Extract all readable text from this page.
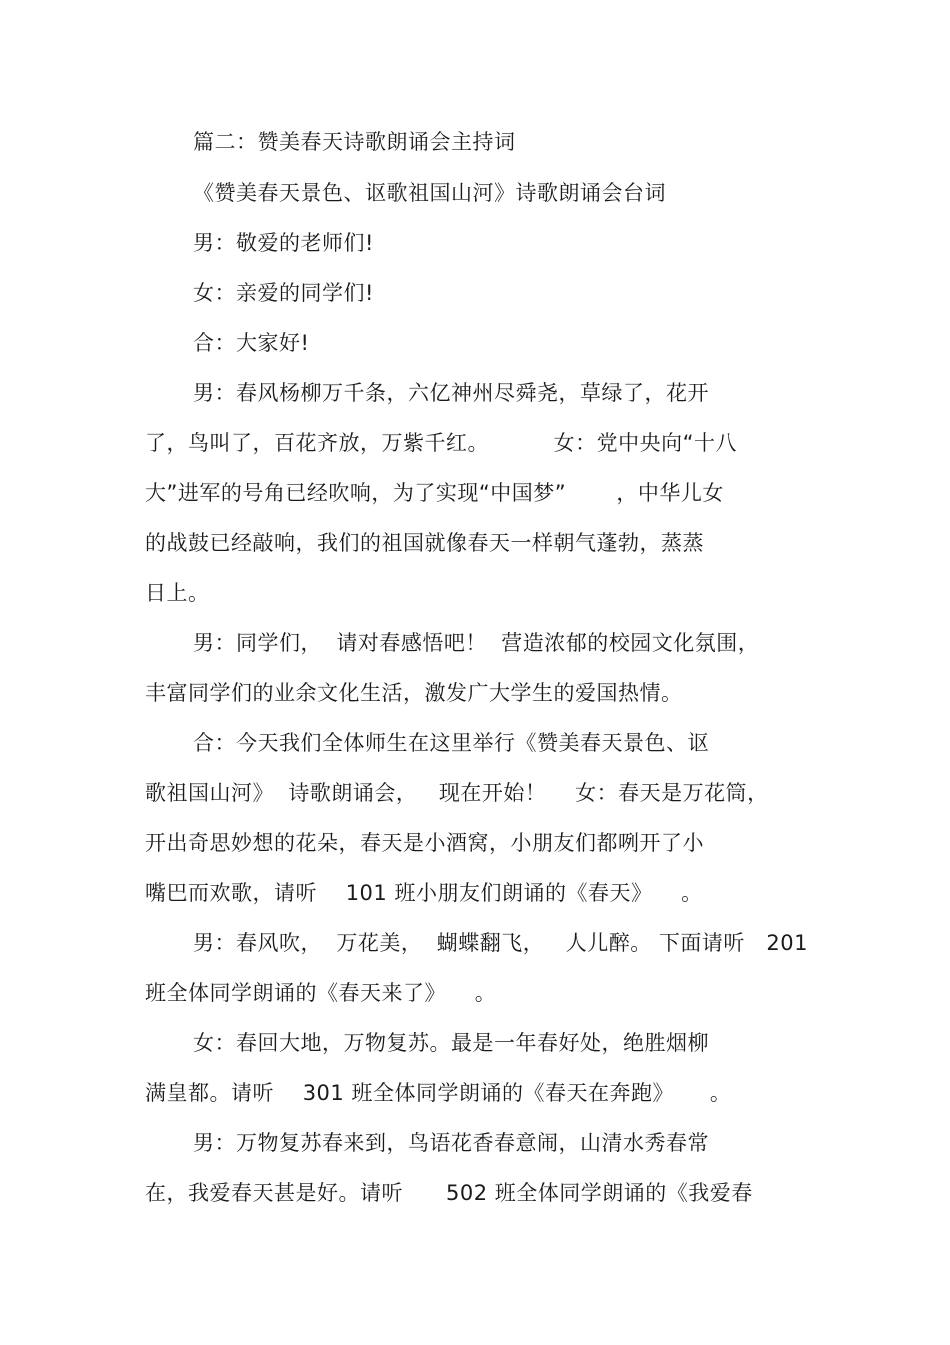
篇二：赞美春天诗歌朗诵会主持词
《赞美春天景色、讴歌祖国山河》诗歌朗诵会台词
男：敬爱的老师们!
女：亲爱的同学们!
合：大家好!
男：春风杨柳万千条，六亿神州尽舜尧，草绿了，花开
了，鸟叫了，百花齐放，万紫千红。         女：党中央向“十八
大”进军的号角已经吹响，为了实现“中国梦”       ，中华儿女
的战鼓已经敲响，我们的祖国就像春天一样朝气蓬勃，蒸蒸
日上。
男：同学们，  请对春感悟吧！  营造浓郁的校园文化氛围，
丰富同学们的业余文化生活，激发广大学生的爱国热情。
合：今天我们全体师生在这里举行《赞美春天景色、讴
歌祖国山河》  诗歌朗诵会，   现在开始！    女：春天是万花筒，
开出奇思妙想的花朵，春天是小酒窝，小朋友们都咧开了小
嘴巴而欢歌，请听    101 班小朋友们朗诵的《春天》    。
男：春风吹，  万花美，  蝴蝶翻飞，   人儿醉。 下面请听   201
班全体同学朗诵的《春天来了》    。
女：春回大地，万物复苏。最是一年春好处，绝胜烟柳
满皇都。请听    301 班全体同学朗诵的《春天在奔跑》     。
男：万物复苏春来到，鸟语花香春意闹，山清水秀春常
在，我爱春天甚是好。请听      502 班全体同学朗诵的《我爱春
